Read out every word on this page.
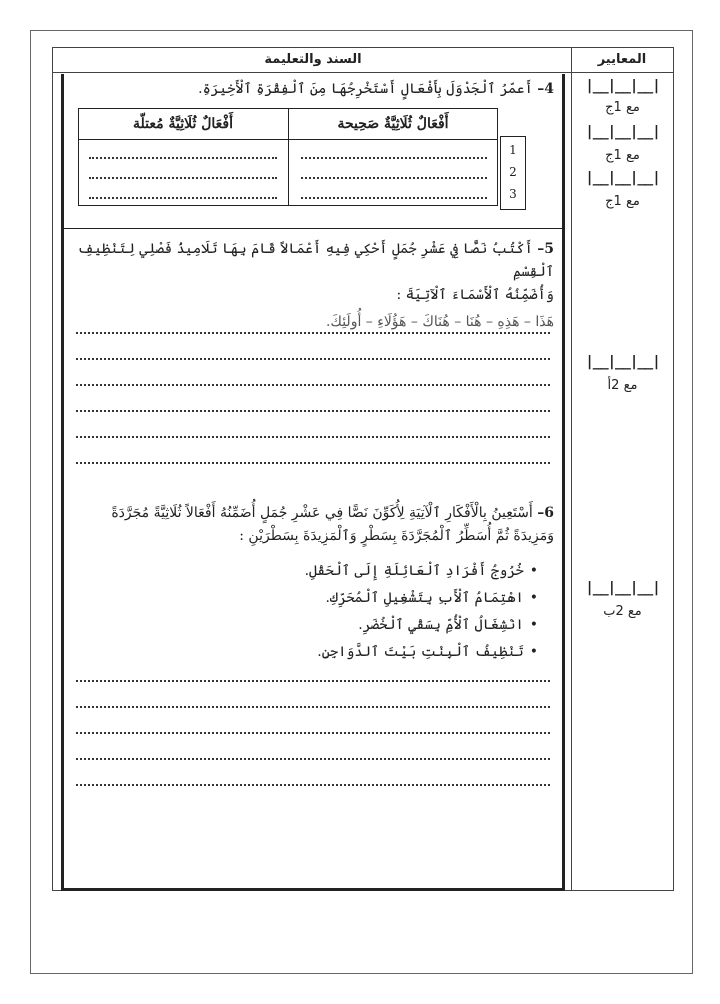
السند والتعليمة	المعايير
|__|__|__|
مع 1ج
|__|__|__|
مع 1ج
|__|__|__|
مع 1ج
|__|__|__|
مع 2أ
|__|__|__|
مع 2ب
4– أَعمّرُ ٱلْجَدْوَلَ بِأَفْعَالٍ أَسْتَخْرِجُهَا مِنَ ٱلْفِقْرَةِ ٱلْأَخِيرَةِ.
أَفْعَالٌ ثُلَاثِيَّةٌ صَحِيحة
أَفْعَالٌ ثُلَاثِيَّةٌ مُعتلّة
1
2
3
5– أَكْتُبُ نَصًّا فِي عَشْرِ جُمَلٍ أَحْكِي فِيهِ أَعْمَالاً قَامَ بِهَا تَلَامِيذُ فَصْلِي لِتَنْظِيفِ ٱلْقِسْمِ
وَأُضَمِّنُهُ ٱلْأَسْمَاءَ ٱلْآتِيَةَ :
هَذَا – هَذِهِ – هُنَا – هُنَاكَ – هَؤُلَاءِ – أُولَئِكَ.
6– أَسْتَعِينُ بِالْأَفْكَارِ ٱلْآتِيَةِ لِأُكَوِّنَ نَصًّا فِي عَشْرِ جُمَلٍ أُضَمِّنُهُ أَفْعَالاً ثُلَاثِيَّةً مُجَرَّدَةً
وَمَزِيدَةً ثُمَّ أُسَطِّرُ ٱلْمُجَرَّدَةَ بِسَطْرٍ وَٱلْمَزِيدَةَ بِسَطْرَيْنِ :
• خُرُوجُ أَفْرَادِ ٱلْعَائِلَةِ إِلَى ٱلْحَقْلِ.
• اهْتِمَامُ ٱلْأَبِ بِتَشْغِيلِ ٱلْمُحَرِّكِ.
• انْشِغَالُ ٱلْأُمِّ بِسَقْيِ ٱلْخُضَرِ.
• تَنْظِيفُ ٱلْبِنْتِ بَيْتَ ٱلدَّوَاجِنِ.
